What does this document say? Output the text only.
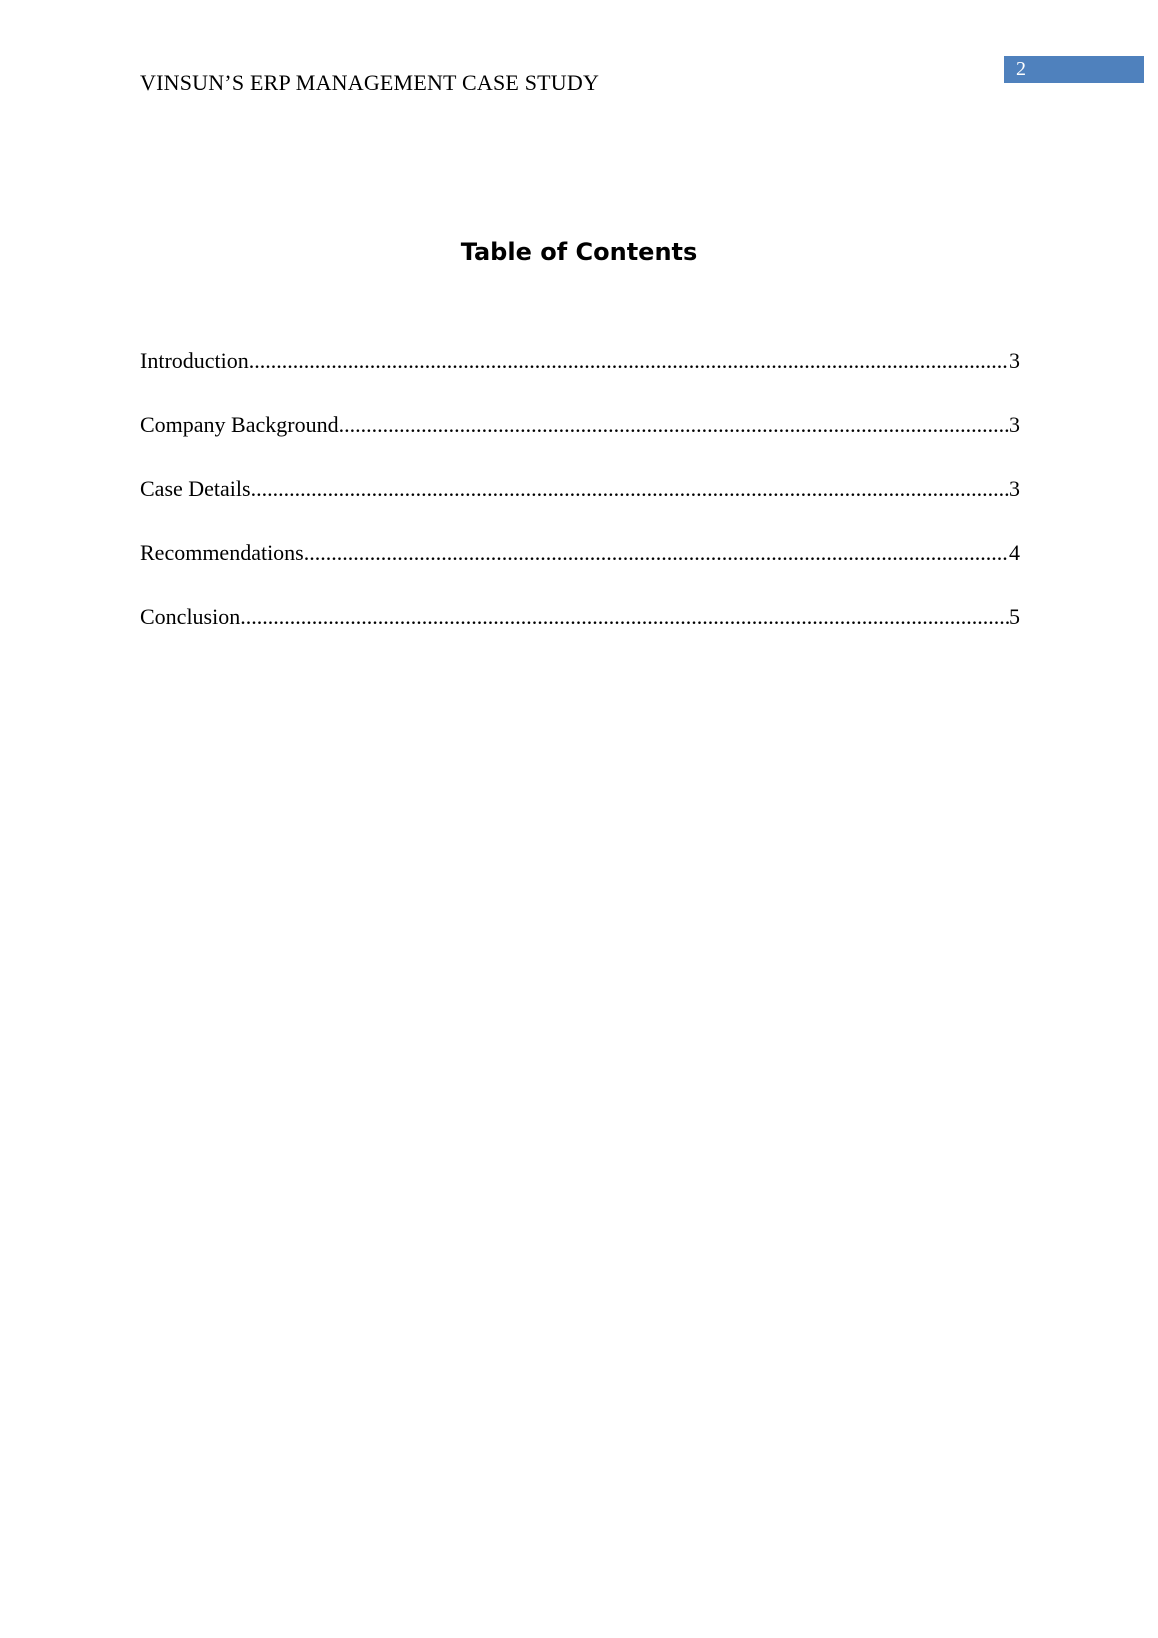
VINSUN’S ERP MANAGEMENT CASE STUDY
2
Table of Contents
Introduction .....	3
Company Background .....	3
Case Details .....	3
Recommendations .....	4
Conclusion .....	5
